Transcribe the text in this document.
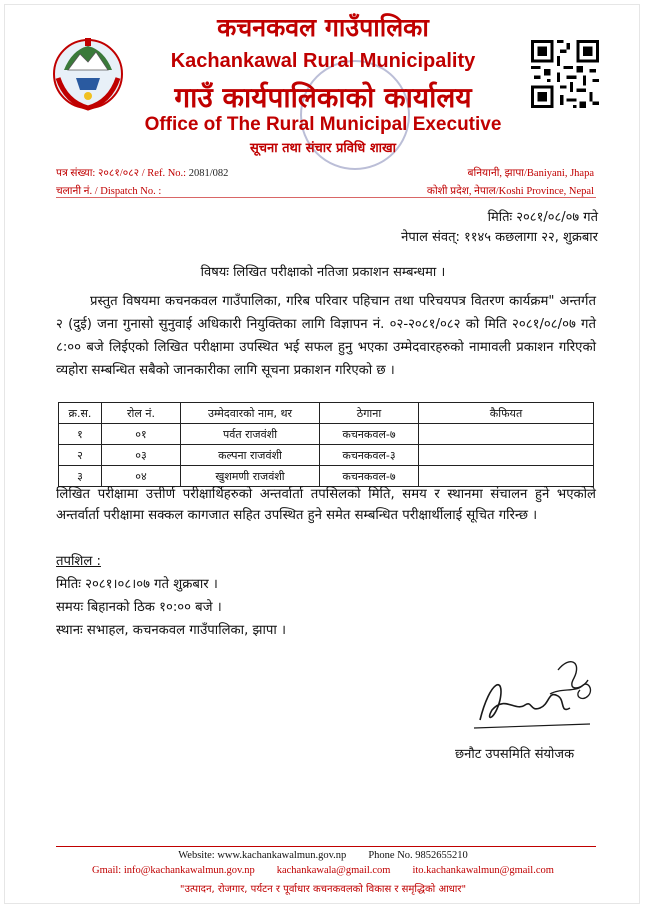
कचनकवल गाउँपालिका
Kachankawal Rural Municipality
गाउँ कार्यपालिकाको कार्यालय
Office of The Rural Municipal Executive
सूचना तथा संचार प्रविधि शाखा
पत्र संख्या: २०८१/०८२ / Ref. No.: 2081/082
चलानी नं. / Dispatch No. :
बनियानी, झापा/Baniyani, Jhapa
कोशी प्रदेश, नेपाल/Koshi Province, Nepal
मितिः २०८१/०८/०७ गते
नेपाल संवत्: ११४५ कछलागा २२, शुक्रबार
विषयः लिखित परीक्षाको नतिजा प्रकाशन सम्बन्धमा ।

प्रस्तुत विषयमा कचनकवल गाउँपालिका, गरिब परिवार पहिचान तथा परिचयपत्र वितरण कार्यक्रम" अन्तर्गत २ (दुई) जना गुनासो सुनुवाई अधिकारी नियुक्तिका लागि विज्ञापन नं. ०२-२०८१/०८२ को मिति २०८१/०८/०७ गते ८:०० बजे लिईएको लिखित परीक्षामा उपस्थित भई सफल हुनु भएका उम्मेदवारहरुको नामावली प्रकाशन गरिएको व्यहोरा सम्बन्धित सबैको जानकारीका लागि सूचना प्रकाशन गरिएको छ ।

क्र.स.	रोल नं.	उम्मेदवारको नाम, थर	ठेगाना	कैफियत
१	०१	पर्वत राजवंशी	कचनकवल-७	
२	०३	कल्पना राजवंशी	कचनकवल-३	
३	०४	खुशमणी राजवंशी	कचनकवल-७	

लिखित परीक्षामा उत्तीर्ण परीक्षार्थिहरुको अन्तर्वार्ता तपसिलको मिति, समय र स्थानमा संचालन हुने भएकोले अन्तर्वार्ता परीक्षामा सक्कल कागजात सहित उपस्थित हुने समेत सम्बन्धित परीक्षार्थीलाई सूचित गरिन्छ ।

तपशिल :
मितिः २०८१।०८।०७ गते शुक्रबार ।
समयः बिहानको ठिक १०:०० बजे ।
स्थानः सभाहल, कचनकवल गाउँपालिका, झापा ।
छनौट उपसमिति संयोजक
Website: www.kachankawalmun.gov.np Phone No. 9852655210
Gmail: info@kachankawalmun.gov.np kachankawala@gmail.com ito.kachankawalmun@gmail.com
"उत्पादन, रोजगार, पर्यटन र पूर्वाधार कचनकवलको विकास र समृद्धिको आधार"
